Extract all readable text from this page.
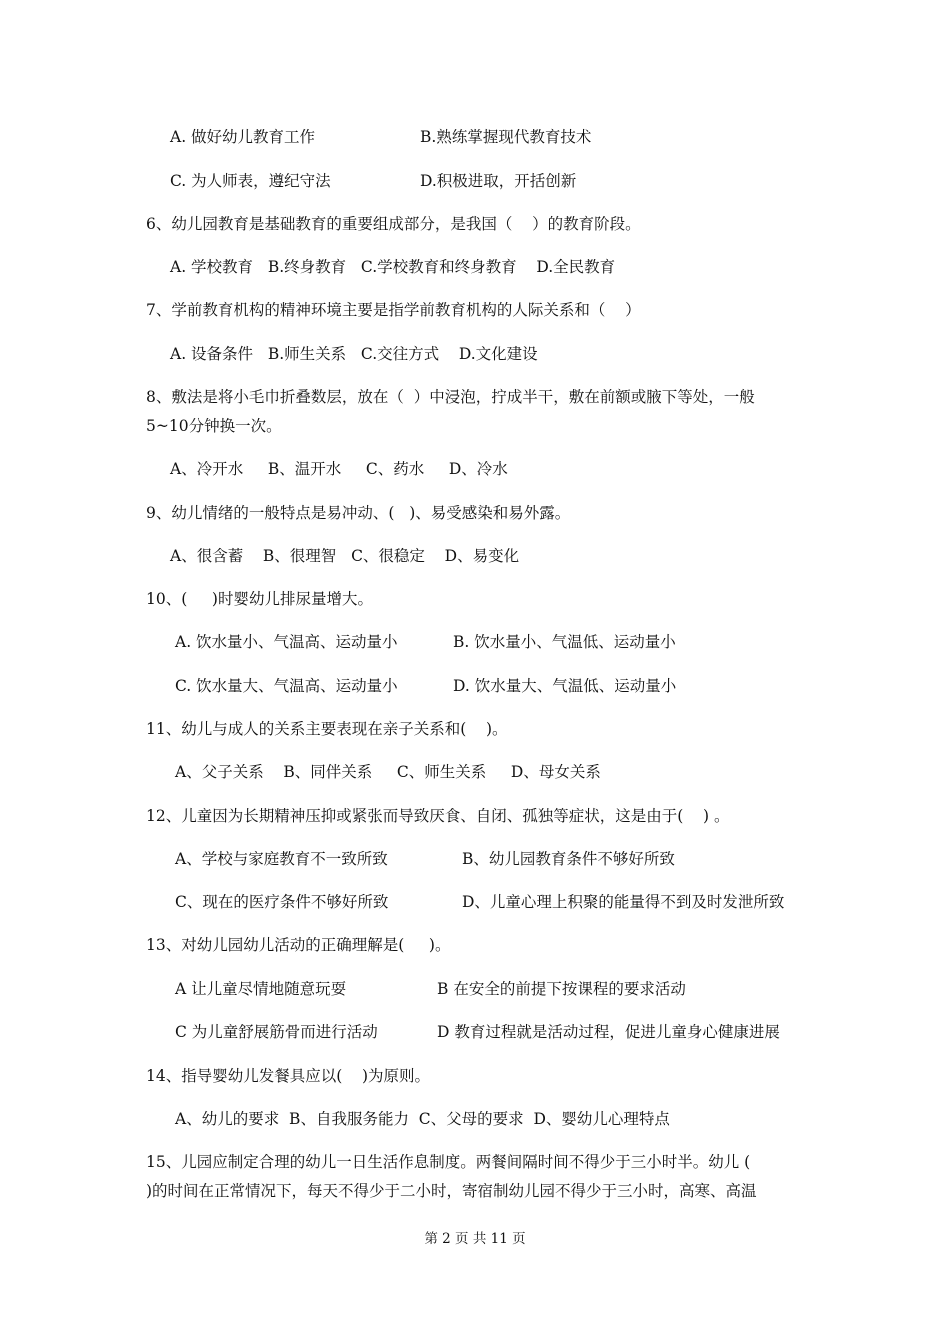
A. 做好幼儿教育工作	B.熟练掌握现代教育技术
C. 为人师表，遵纪守法	D.积极进取，开括创新
6、幼儿园教育是基础教育的重要组成部分，是我国（    ）的教育阶段。
A. 学校教育   B.终身教育   C.学校教育和终身教育    D.全民教育
7、学前教育机构的精神环境主要是指学前教育机构的人际关系和（    ）
A. 设备条件   B.师生关系   C.交往方式    D.文化建设
8、敷法是将小毛巾折叠数层，放在（  ）中浸泡，拧成半干，敷在前额或腋下等处，一般
5~10分钟换一次。
A、冷开水     B、温开水     C、药水     D、冷水
9、幼儿情绪的一般特点是易冲动、(   )、易受感染和易外露。
A、很含蓄    B、很理智   C、很稳定    D、易变化
10、(     )时婴幼儿排尿量增大。
A. 饮水量小、气温高、运动量小	B. 饮水量小、气温低、运动量小
C. 饮水量大、气温高、运动量小	D. 饮水量大、气温低、运动量小
11、幼儿与成人的关系主要表现在亲子关系和(    )。
A、父子关系    B、同伴关系     C、师生关系     D、母女关系
12、儿童因为长期精神压抑或紧张而导致厌食、自闭、孤独等症状，这是由于(    ) 。
A、学校与家庭教育不一致所致	B、幼儿园教育条件不够好所致
C、现在的医疗条件不够好所致	D、儿童心理上积聚的能量得不到及时发泄所致
13、对幼儿园幼儿活动的正确理解是(     )。
A 让儿童尽情地随意玩耍	B 在安全的前提下按课程的要求活动
C 为儿童舒展筋骨而进行活动	D 教育过程就是活动过程，促进儿童身心健康进展
14、指导婴幼儿发餐具应以(    )为原则。
A、幼儿的要求  B、自我服务能力  C、父母的要求  D、婴幼儿心理特点
15、儿园应制定合理的幼儿一日生活作息制度。两餐间隔时间不得少于三小时半。幼儿 (
)的时间在正常情况下，每天不得少于二小时，寄宿制幼儿园不得少于三小时，高寒、高温
第 2 页 共 11 页
